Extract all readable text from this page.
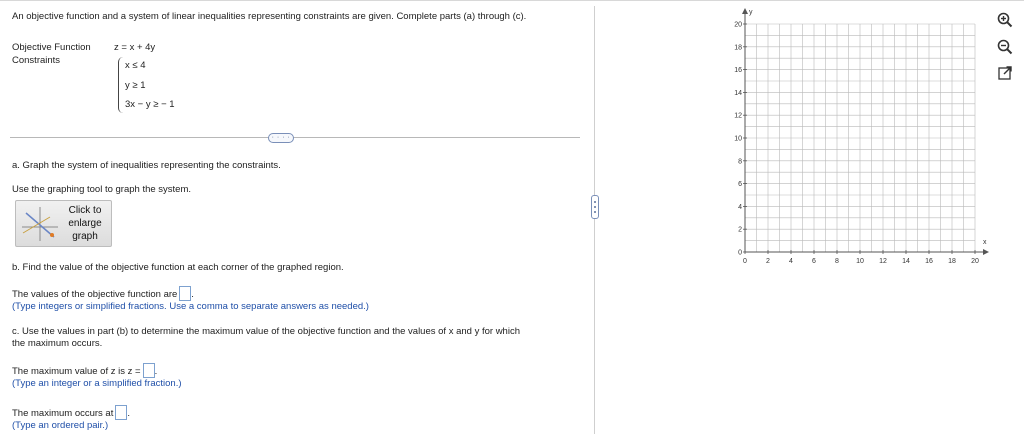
An objective function and a system of linear inequalities representing constraints are given. Complete parts (a) through (c).
Objective Function z = x + 4y
Constraints	x ≤ 4
y ≥ 1
3x − y ≥ − 1
· · · ·
a. Graph the system of inequalities representing the constraints.
Use the graphing tool to graph the system.
Click to
enlarge
graph
b. Find the value of the objective function at each corner of the graphed region.
The values of the objective function are .
(Type integers or simplified fractions. Use a comma to separate answers as needed.)
c. Use the values in part (b) to determine the maximum value of the objective function and the values of x and y for which
the maximum occurs.
The maximum value of z is z = .
(Type an integer or a simplified fraction.)
The maximum occurs at .
(Type an ordered pair.)
0	2	4	6	8 10 12 14 16 18 20
0
2
4
6
8
10
12
14
16
18
20
x
y
